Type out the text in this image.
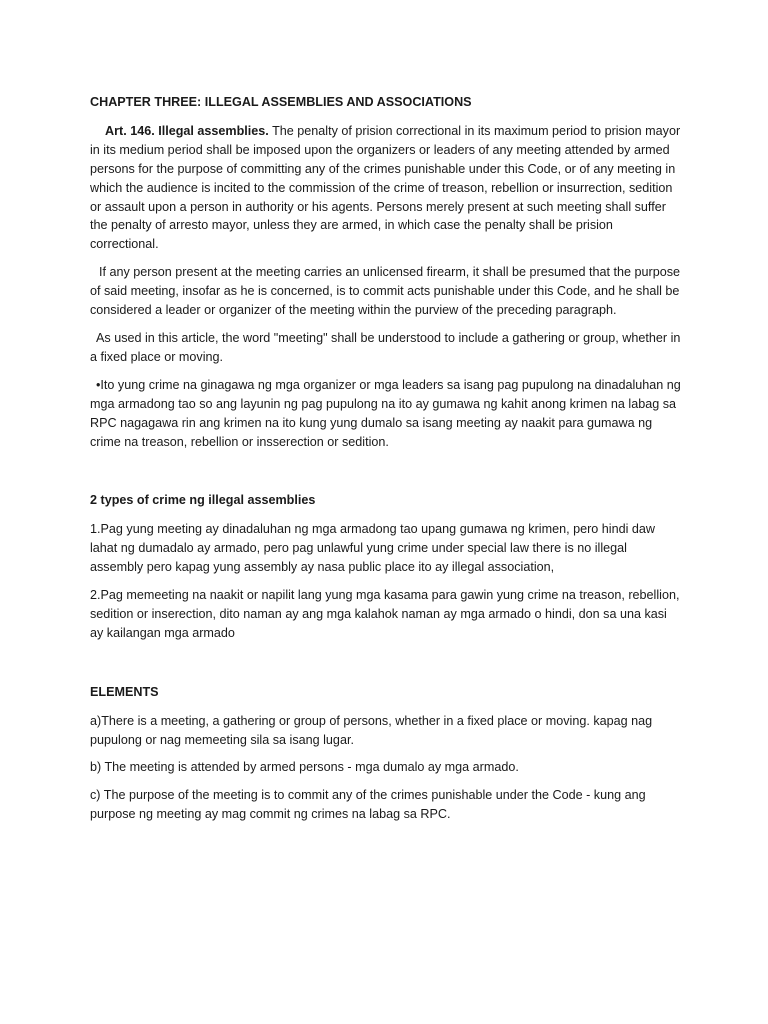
CHAPTER THREE: ILLEGAL ASSEMBLIES AND ASSOCIATIONS

Art. 146. Illegal assemblies. The penalty of prision correctional in its maximum period to prision mayor in its medium period shall be imposed upon the organizers or leaders of any meeting attended by armed persons for the purpose of committing any of the crimes punishable under this Code, or of any meeting in which the audience is incited to the commission of the crime of treason, rebellion or insurrection, sedition or assault upon a person in authority or his agents. Persons merely present at such meeting shall suffer the penalty of arresto mayor, unless they are armed, in which case the penalty shall be prision correctional.

If any person present at the meeting carries an unlicensed firearm, it shall be presumed that the purpose of said meeting, insofar as he is concerned, is to commit acts punishable under this Code, and he shall be considered a leader or organizer of the meeting within the purview of the preceding paragraph.

As used in this article, the word "meeting" shall be understood to include a gathering or group, whether in a fixed place or moving.

•Ito yung crime na ginagawa ng mga organizer or mga leaders sa isang pag pupulong na dinadaluhan ng mga armadong tao so ang layunin ng pag pupulong na ito ay gumawa ng kahit anong krimen na labag sa RPC nagagawa rin ang krimen na ito kung yung dumalo sa isang meeting ay naakit para gumawa ng crime na treason, rebellion or insserection or sedition.

2 types of crime ng illegal assemblies

1.Pag yung meeting ay dinadaluhan ng mga armadong tao upang gumawa ng krimen, pero hindi daw lahat ng dumadalo ay armado, pero pag unlawful yung crime under special law there is no illegal assembly pero kapag yung assembly ay nasa public place ito ay illegal association,

2.Pag memeeting na naakit or napilit lang yung mga kasama para gawin yung crime na treason, rebellion, sedition or inserection, dito naman ay ang mga kalahok naman ay mga armado o hindi, don sa una kasi ay kailangan mga armado

ELEMENTS

a)There is a meeting, a gathering or group of persons, whether in a fixed place or moving. kapag nag pupulong or nag memeeting sila sa isang lugar.

b) The meeting is attended by armed persons - mga dumalo ay mga armado.

c) The purpose of the meeting is to commit any of the crimes punishable under the Code - kung ang purpose ng meeting ay mag commit ng crimes na labag sa RPC.
